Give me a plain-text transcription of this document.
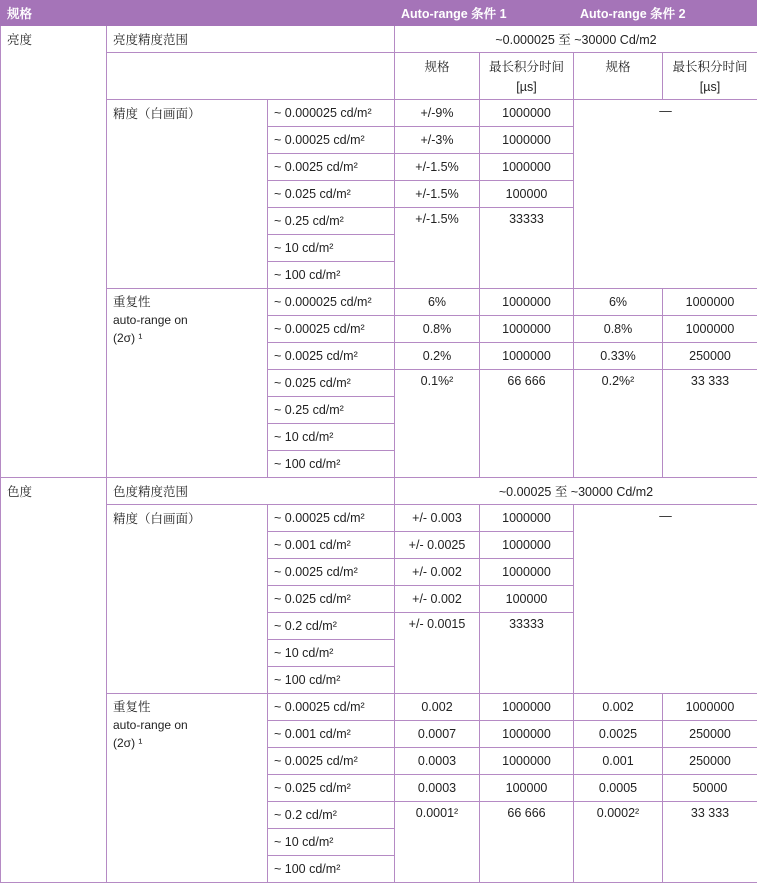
规格			Auto-range 条件 1		Auto-range 条件 2	
亮度	亮度精度范围		~0.000025 至 ~30000 Cd/m2			
			规格	最长积分时间 [µs]	规格	最长积分时间 [µs]
	精度（白画面）	~ 0.000025 cd/m²	+/-9%	1000000	—	
		~ 0.00025 cd/m²	+/-3%	1000000		
		~ 0.0025 cd/m²	+/-1.5%	1000000		
		~ 0.025 cd/m²	+/-1.5%	100000		
		~ 0.25 cd/m²	+/-1.5%	33333		
		~ 10 cd/m²				
		~ 100 cd/m²				

	重复性
auto-range on
(2σ) ¹	~ 0.000025 cd/m²	6%	1000000	6%	1000000
		~ 0.00025 cd/m²	0.8%	1000000	0.8%	1000000
		~ 0.0025 cd/m²	0.2%	1000000	0.33%	250000
		~ 0.025 cd/m²	0.1%²	66 666	0.2%²	33 333
		~ 0.25 cd/m²				
		~ 10 cd/m²				
		~ 100 cd/m²				
色度	色度精度范围		~0.00025 至 ~30000 Cd/m2			
	精度（白画面）	~ 0.00025 cd/m²	+/- 0.003	1000000	—	
		~ 0.001 cd/m²	+/- 0.0025	1000000		
		~ 0.0025 cd/m²	+/- 0.002	1000000		
		~ 0.025 cd/m²	+/- 0.002	100000		
		~ 0.2 cd/m²	+/- 0.0015	33333		
		~ 10 cd/m²				
		~ 100 cd/m²				

	重复性
auto-range on
(2σ) ¹	~ 0.00025 cd/m²	0.002	1000000	0.002	1000000
		~ 0.001 cd/m²	0.0007	1000000	0.0025	250000
		~ 0.0025 cd/m²	0.0003	1000000	0.001	250000
		~ 0.025 cd/m²	0.0003	100000	0.0005	50000
		~ 0.2 cd/m²	0.0001²	66 666	0.0002²	33 333
		~ 10 cd/m²				
		~ 100 cd/m²				
